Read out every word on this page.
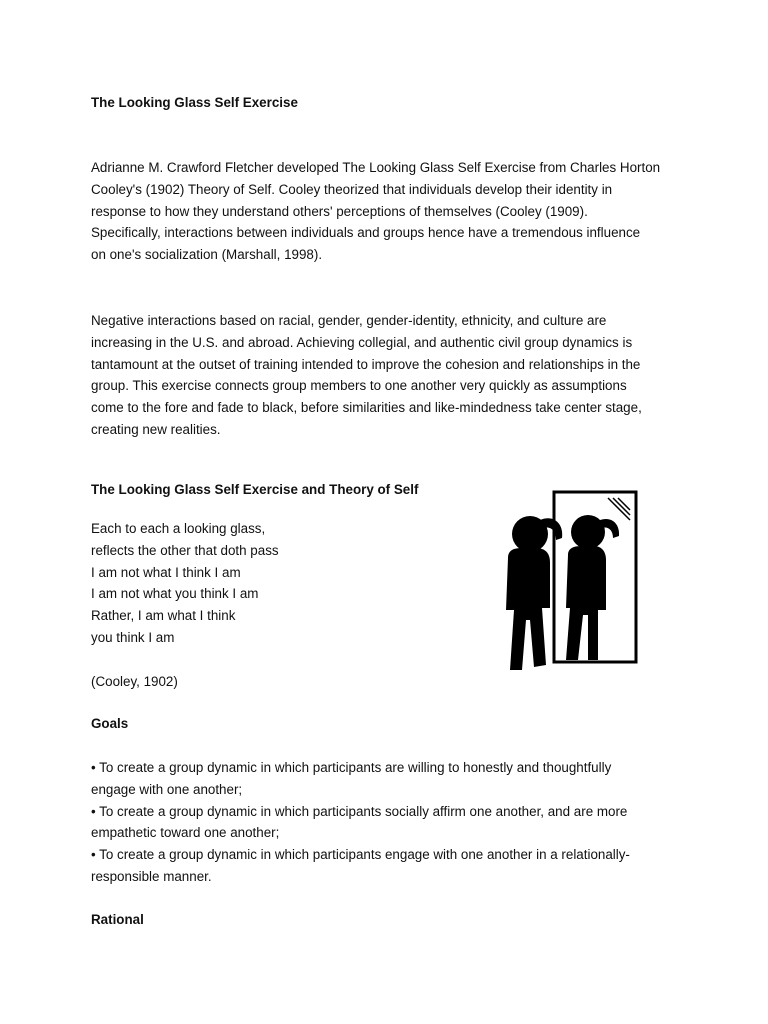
The Looking Glass Self Exercise
Adrianne M. Crawford Fletcher developed The Looking Glass Self Exercise from Charles Horton
Cooley's (1902) Theory of Self. Cooley theorized that individuals develop their identity in
response to how they understand others' perceptions of themselves (Cooley (1909).
Specifically, interactions between individuals and groups hence have a tremendous influence
on one's socialization (Marshall, 1998).
Negative interactions based on racial, gender, gender-identity, ethnicity, and culture are
increasing in the U.S. and abroad. Achieving collegial, and authentic civil group dynamics is
tantamount at the outset of training intended to improve the cohesion and relationships in the
group. This exercise connects group members to one another very quickly as assumptions
come to the fore and fade to black, before similarities and like-mindedness take center stage,
creating new realities.
The Looking Glass Self Exercise and Theory of Self
Each to each a looking glass,
reflects the other that doth pass
I am not what I think I am
I am not what you think I am
Rather, I am what I think
you think I am
(Cooley, 1902)
Goals
• To create a group dynamic in which participants are willing to honestly and thoughtfully
engage with one another;
• To create a group dynamic in which participants socially affirm one another, and are more
empathetic toward one another;
• To create a group dynamic in which participants engage with one another in a relationally-
responsible manner.
Rational
